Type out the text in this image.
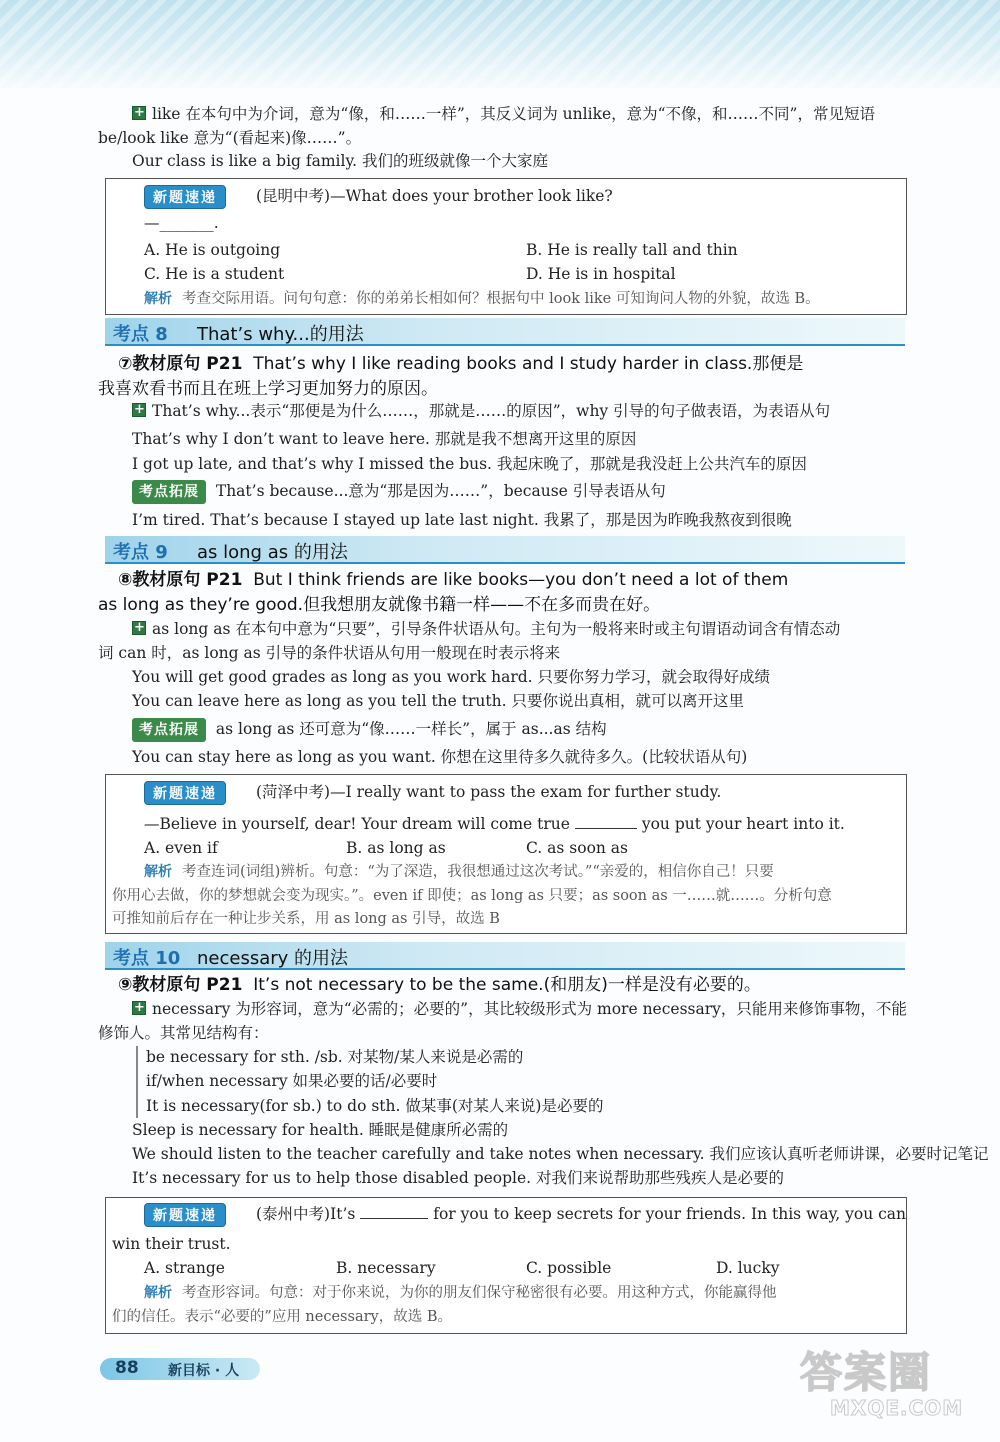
+like 在本句中为介词，意为“像，和……一样”，其反义词为 unlike，意为“不像，和……不同”，常见短语
be/look like 意为“(看起来)像……”。
Our class is like a big family. 我们的班级就像一个大家庭
新题速递	(昆明中考)—What does your brother look like?
—_______.
A. He is outgoing	B. He is really tall and thin
C. He is a student	D. He is in hospital
解析 考查交际用语。问句句意：你的弟弟长相如何？根据句中 look like 可知询问人物的外貌，故选 B。
考点 8 That’s why...的用法
⑦教材原句 P21 That’s why I like reading books and I study harder in class.那便是
我喜欢看书而且在班上学习更加努力的原因。
+That’s why...表示“那便是为什么……，那就是……的原因”，why 引导的句子做表语，为表语从句
That’s why I don’t want to leave here. 那就是我不想离开这里的原因
I got up late, and that’s why I missed the bus. 我起床晚了，那就是我没赶上公共汽车的原因
考点拓展 That’s because...意为“那是因为……”，because 引导表语从句
I’m tired. That’s because I stayed up late last night. 我累了，那是因为昨晚我熬夜到很晚
考点 9 as long as 的用法
⑧教材原句 P21 But I think friends are like books—you don’t need a lot of them
as long as they’re good.但我想朋友就像书籍一样——不在多而贵在好。
+as long as 在本句中意为“只要”，引导条件状语从句。主句为一般将来时或主句谓语动词含有情态动
词 can 时，as long as 引导的条件状语从句用一般现在时表示将来
You will get good grades as long as you work hard. 只要你努力学习，就会取得好成绩
You can leave here as long as you tell the truth. 只要你说出真相，就可以离开这里
考点拓展 as long as 还可意为“像……一样长”，属于 as...as 结构
You can stay here as long as you want. 你想在这里待多久就待多久。(比较状语从句)
新题速递	(菏泽中考)—I really want to pass the exam for further study.
—Believe in yourself, dear! Your dream will come true	you put your heart into it.
A. even if	B. as long as	C. as soon as
解析 考查连词(词组)辨析。句意：“为了深造，我很想通过这次考试。”“亲爱的，相信你自己！只要
你用心去做，你的梦想就会变为现实。”。even if 即使；as long as 只要；as soon as 一……就……。分析句意
可推知前后存在一种让步关系，用 as long as 引导，故选 B
考点 10 necessary 的用法
⑨教材原句 P21 It’s not necessary to be the same.(和朋友)一样是没有必要的。
+necessary 为形容词，意为“必需的；必要的”，其比较级形式为 more necessary，只能用来修饰事物，不能
修饰人。其常见结构有：
be necessary for sth. /sb. 对某物/某人来说是必需的
if/when necessary 如果必要的话/必要时
It is necessary(for sb.) to do sth. 做某事(对某人来说)是必要的
Sleep is necessary for health. 睡眠是健康所必需的
We should listen to the teacher carefully and take notes when necessary. 我们应该认真听老师讲课，必要时记笔记
It’s necessary for us to help those disabled people. 对我们来说帮助那些残疾人是必要的
新题速递	(泰州中考)It’s	for you to keep secrets for your friends. In this way, you can
win their trust.
A. strange	B. necessary	C. possible	D. lucky
解析 考查形容词。句意：对于你来说，为你的朋友们保守秘密很有必要。用这种方式，你能赢得他
们的信任。表示“必要的”应用 necessary，故选 B。
88 新目标 · 人	答案圈
MXQE.COM
